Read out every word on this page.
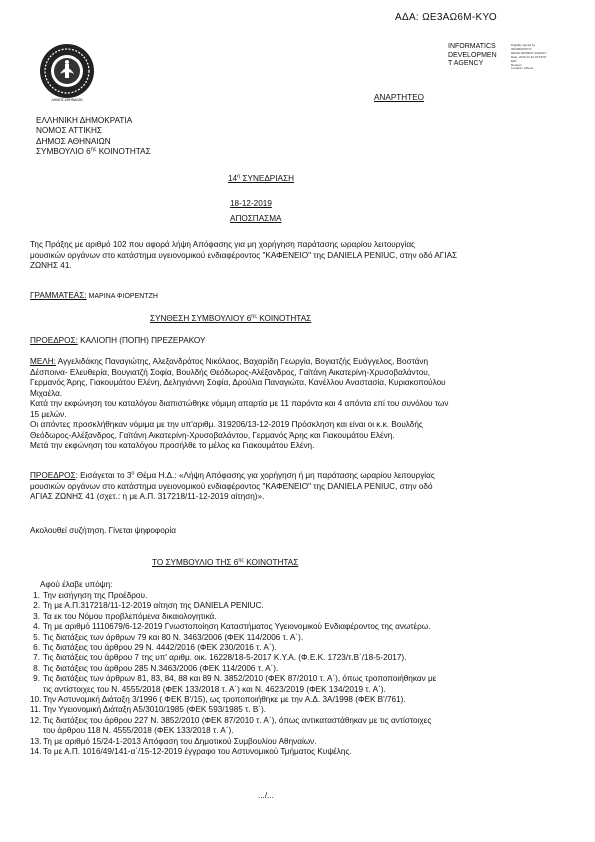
ΑΔΑ: ΩΕ3ΑΩ6Μ-ΚΥΟ
ΔΗΜΟΣ ΑΘΗΝΑΙΩΝ
INFORMATICS
DEVELOPMEN
T AGENCY
Digitally signed by
INFORMATICS
DEVELOPMENT AGENCY
Date: 2019.12.20 15:50:57
EET
Reason:
Location: Athens
ΑΝΑΡΤΗΤΕΟ
ΕΛΛΗΝΙΚΗ ΔΗΜΟΚΡΑΤΙΑ
ΝΟΜΟΣ ΑΤΤΙΚΗΣ
ΔΗΜΟΣ ΑΘΗΝΑΙΩΝ
ΣΥΜΒΟΥΛΙΟ $6^{\eta\varsigma}$ ΚΟΙΝΟΤΗΤΑΣ
$14^\eta$ ΣΥΝΕΔΡΙΑΣΗ
18-12-2019
ΑΠΟΣΠΑΣΜΑ
Της Πράξης με αριθμό 102 που αφορά λήψη Απόφασης για μη χορήγηση παράτασης ωραρίου λειτουργίας
μουσικών οργάνων στο κατάστημα υγειονομικού ενδιαφέροντος "ΚΑΦΕΝΕΙΟ" της DANIELA PENIUC, στην οδό ΑΓΙΑΣ
ΖΩΝΗΣ 41.
ΓΡΑΜΜΑΤΕΑΣ: ΜΑΡΙΝΑ ΦΙΟΡΕΝΤΖΗ
ΣΥΝΘΕΣΗ ΣΥΜΒΟΥΛΙΟΥ $6^{\eta\varsigma}$ ΚΟΙΝΟΤΗΤΑΣ
ΠΡΟΕΔΡΟΣ: ΚΑΛΙΟΠΗ (ΠΟΠΗ) ΠΡΕΖΕΡΑΚΟΥ
ΜΕΛΗ: Αγγελιδάκης Παναγιώτης, Αλεξανδράτος Νικόλαος, Βαχαρίδη Γεωργία, Βογιατζής Ευάγγελος, Βοστάνη
Δέσποινα- Ελευθερία, Βουγιατζή Σοφία, Βουλδής Θεόδωρος-Αλέξανδρος, Γαϊτάνη Αικατερίνη-Χρυσοβαλάντου,
Γερμανός Άρης, Γιακουμάτου Ελένη, Δεληγιάννη Σοφία, Δρούλια Παναγιώτα, Κανέλλου Αναστασία, Κυριακοπούλου
Μιχαέλα.
Κατά την εκφώνηση του καταλόγου διαπιστώθηκε νόμιμη απαρτία με 11 παρόντα και 4 απόντα επί του συνόλου των
15 μελών.
Οι απόντες προσκλήθηκαν νόμιμα με την υπ'αριθμ. 319206/13-12-2019 Πρόσκληση και είναι οι κ.κ. Βουλδής
Θεόδωρος-Αλέξανδρος, Γαϊτάνη Αικατερίνη-Χρυσοβαλάντου, Γερμανός Άρης και Γιακουμάτου Ελένη.
Μετά την εκφώνηση του καταλόγου προσήλθε το μέλος κα Γιακουμάτου Ελένη.
ΠΡΟΕΔΡΟΣ: Εισάγεται το $3^o$ Θέμα Η.Δ.: «Λήψη Απόφασης για χορήγηση ή μη παράτασης ωραρίου λειτουργίας
μουσικών οργάνων στο κατάστημα υγειονομικού ενδιαφέροντος "ΚΑΦΕΝΕΙΟ" της DANIELA PENIUC, στην οδό
ΑΓΙΑΣ ΖΩΝΗΣ 41 (σχετ.: η με Α.Π. 317218/11-12-2019 αίτηση)».
Ακολουθεί συζήτηση. Γίνεται ψηφοφορία
ΤΟ ΣΥΜΒΟΥΛΙΟ ΤΗΣ $6^{\eta\varsigma}$ ΚΟΙΝΟΤΗΤΑΣ
Αφού έλαβε υπόψη:
1. Την εισήγηση της Προέδρου.
2. Τη με Α.Π.317218/11-12-2019 αίτηση της DANIELA PENIUC.
3. Τα εκ του Νόμου προβλεπόμενα δικαιολογητικά.
4. Τη με αριθμό 1110679/6-12-2019 Γνωστοποίηση Καταστήματος Υγειονομικού Ενδιαφέροντος της ανωτέρω.
5. Τις διατάξεις των άρθρων 79 και 80 Ν. 3463/2006 (ΦΕΚ 114/2006 τ. Α΄).
6. Τις διατάξεις του άρθρου 29 Ν. 4442/2016 (ΦΕΚ 230/2016 τ. Α΄).
7. Τις διατάξεις του άρθρου 7 της υπ' αριθμ. οικ. 16228/18-5-2017 Κ.Υ.Α. (Φ.Ε.Κ. 1723/τ.Β΄/18-5-2017).
8. Τις διατάξεις του άρθρου 285 Ν.3463/2006 (ΦΕΚ 114/2006 τ. Α΄).
9. Τις διατάξεις των άρθρων 81, 83, 84, 88 και 89 Ν. 3852/2010 (ΦΕΚ 87/2010 τ. Α΄), όπως τροποποιήθηκαν με
τις αντίστοιχες του Ν. 4555/2018 (ΦΕΚ 133/2018 τ. Α΄) και Ν. 4623/2019 (ΦΕΚ 134/2019 τ. Α΄).
10. Την Αστυνομική Διάταξη 3/1996 ( ΦΕΚ Β'/15), ως τροποποιήθηκε με την Α.Δ. 3Α/1998 (ΦΕΚ Β'/761).
11. Την Υγειονομική Διάταξη Α5/3010/1985 (ΦΕΚ 593/1985 τ. Β΄).
12. Τις διατάξεις του άρθρου 227 Ν. 3852/2010 (ΦΕΚ 87/2010 τ. Α΄), όπως αντικαταστάθηκαν με τις αντίστοιχες
του άρθρου 118 Ν. 4555/2018 (ΦΕΚ 133/2018 τ. Α΄).
13. Τη με αριθμό 15/24-1-2013 Απόφαση του Δημοτικού Συμβουλίου Αθηναίων.
14. Το με Α.Π. 1016/49/141-α΄/15-12-2019 έγγραφο του Αστυνομικού Τμήματος Κυψέλης.
.../...
